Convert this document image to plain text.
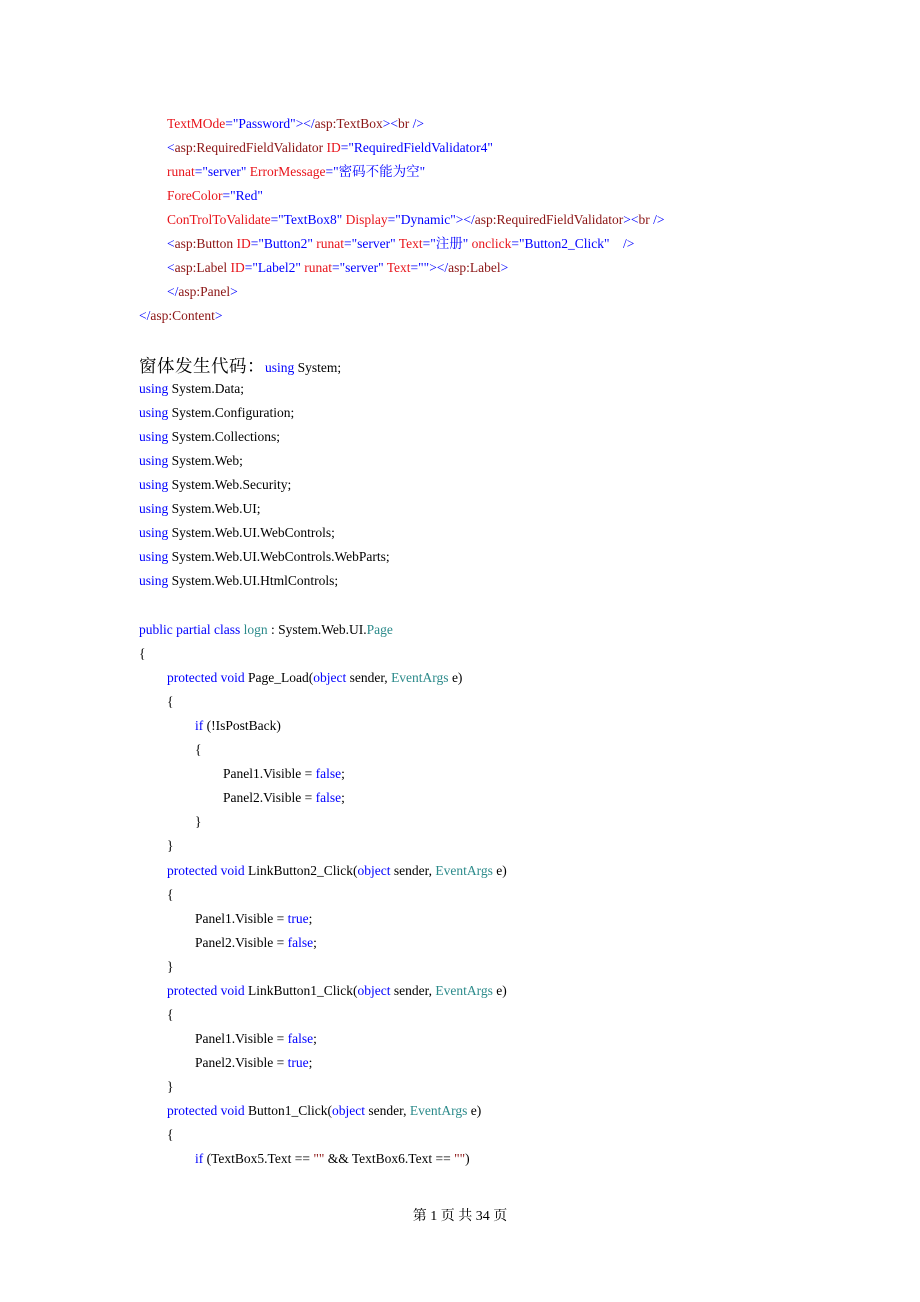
TextMOde="Password"></asp:TextBox><br />
<asp:RequiredFieldValidator ID="RequiredFieldValidator4"
runat="server" ErrorMessage="密码不能为空"
ForeColor="Red"
ConTrolToValidate="TextBox8" Display="Dynamic"></asp:RequiredFieldValidator><br />
<asp:Button ID="Button2" runat="server" Text="注册" onclick="Button2_Click"    />
<asp:Label ID="Label2" runat="server" Text=""></asp:Label>
</asp:Panel>
</asp:Content>
窗体发生代码：using System;
using System.Data;
using System.Configuration;
using System.Collections;
using System.Web;
using System.Web.Security;
using System.Web.UI;
using System.Web.UI.WebControls;
using System.Web.UI.WebControls.WebParts;
using System.Web.UI.HtmlControls;
public partial class logn : System.Web.UI.Page
{
protected void Page_Load(object sender, EventArgs e)
{
if (!IsPostBack)
{
Panel1.Visible = false;
Panel2.Visible = false;
}
}
protected void LinkButton2_Click(object sender, EventArgs e)
{
Panel1.Visible = true;
Panel2.Visible = false;
}
protected void LinkButton1_Click(object sender, EventArgs e)
{
Panel1.Visible = false;
Panel2.Visible = true;
}
protected void Button1_Click(object sender, EventArgs e)
{
if (TextBox5.Text == "" && TextBox6.Text == "")
第 1 页 共 34 页
